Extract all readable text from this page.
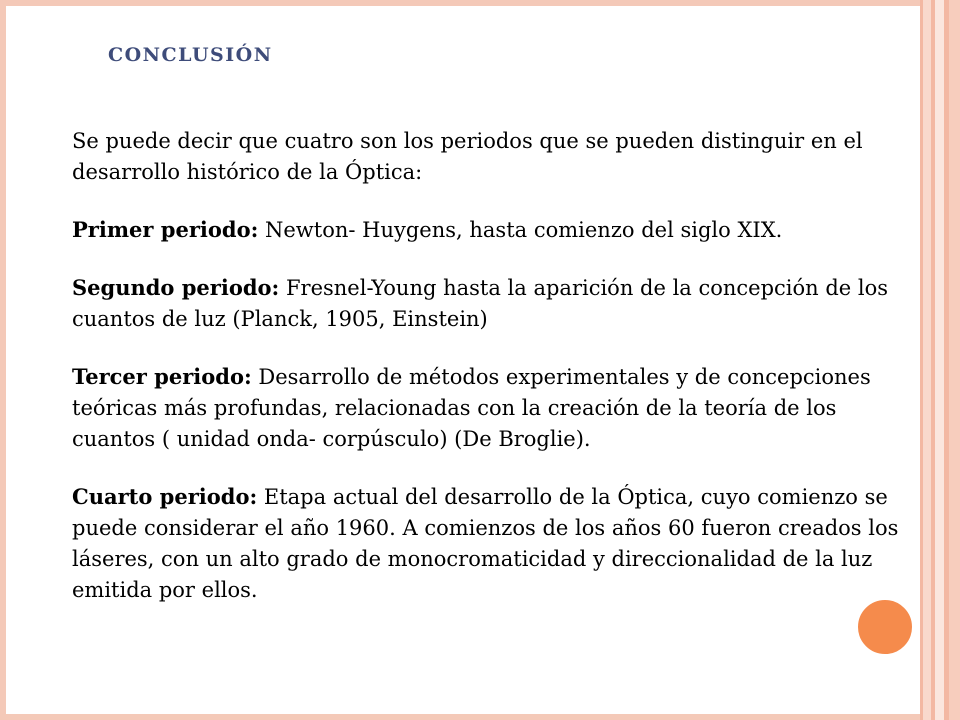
CONCLUSIÓN

Se puede decir que cuatro son los periodos que se pueden distinguir en el desarrollo histórico de la Óptica:

Primer periodo: Newton- Huygens, hasta comienzo del siglo XIX.

Segundo periodo: Fresnel-Young hasta la aparición de la concepción de los cuantos de luz (Planck, 1905, Einstein)

Tercer periodo: Desarrollo de métodos experimentales y de concepciones teóricas más profundas, relacionadas con la creación de la teoría de los cuantos ( unidad onda- corpúsculo) (De Broglie).

Cuarto periodo: Etapa actual del desarrollo de la Óptica, cuyo comienzo se puede considerar el año 1960. A comienzos de los años 60 fueron creados los láseres, con un alto grado de monocromaticidad y direccionalidad de la luz emitida por ellos.
